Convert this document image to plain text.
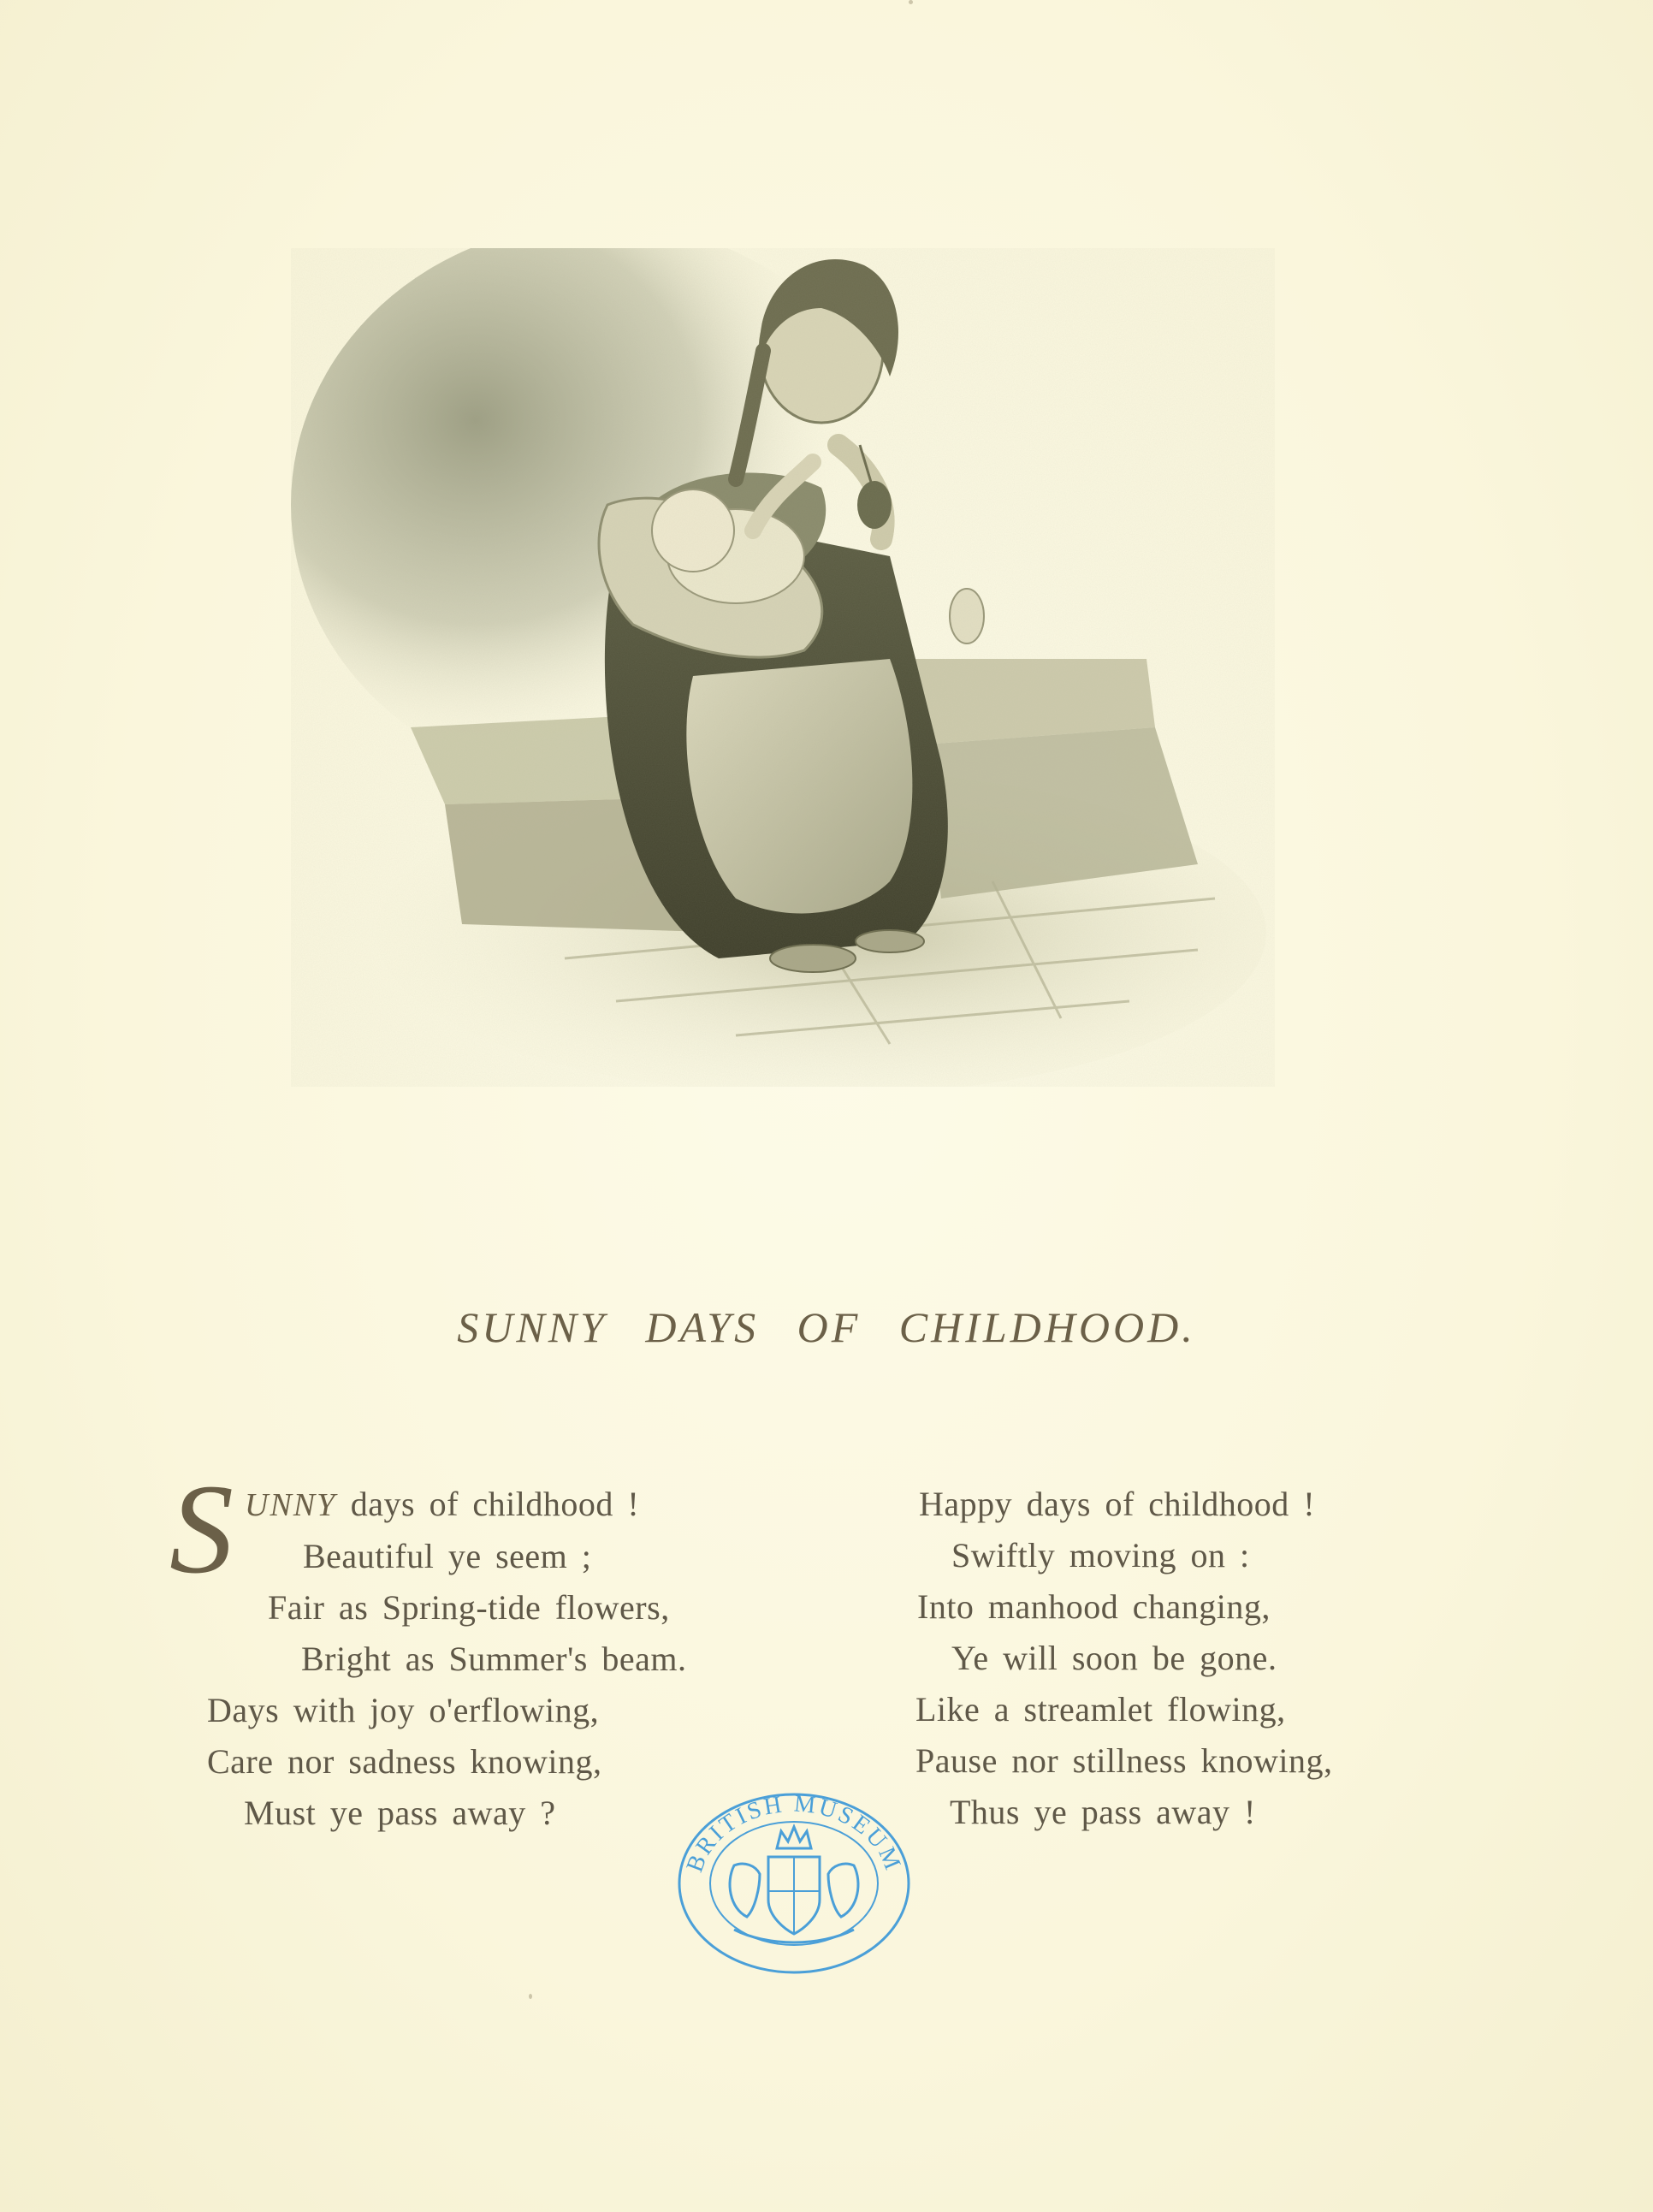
SUNNY DAYS OF CHILDHOOD.
S UNNY days of childhood !
Beautiful ye seem ;
Fair as Spring-tide flowers,
Bright as Summer's beam.
Days with joy o'erflowing,
Care nor sadness knowing,
Must ye pass away ?
Happy days of childhood !
Swiftly moving on :
Into manhood changing,
Ye will soon be gone.
Like a streamlet flowing,
Pause nor stillness knowing,
Thus ye pass away !
BRITISH MUSEUM
